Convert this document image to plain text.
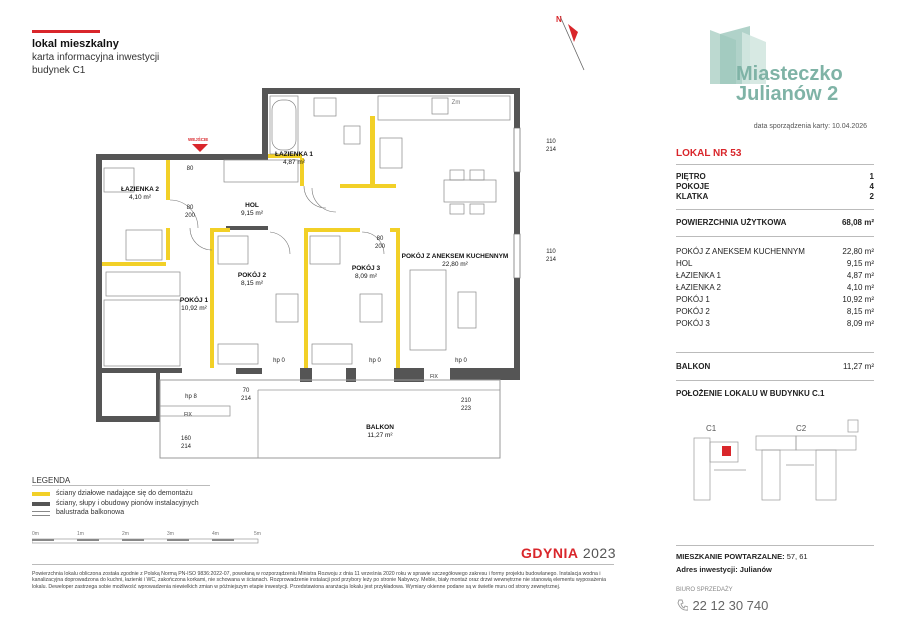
lokal mieszkalny
karta informacyjna inwestycji
budynek C1
N
Miasteczko
Julianów 2
data sporządzenia karty: 10.04.2026
WEJŚCIE
ŁAZIENKA 1
4,87 m²
ŁAZIENKA 2
4,10 m²
HOL
9,15 m²
POKÓJ 1
10,92 m²
POKÓJ 2
8,15 m²
POKÓJ 3
8,09 m²
POKÓJ Z ANEKSEM KUCHENNYM
22,80 m²
BALKON
11,27 m²
110
214
110
214
80
80
200
80
200
hp 0	hp 0	hp 0
hp 8
70
214	210
223
160
214
Zm
FIX
FIX
LEGENDA
ściany działowe nadające się do demontażu
ściany, słupy i obudowy pionów instalacyjnych
balustrada balkonowa
0m	1m	2m	3m	4m	5m
GDYNIA 2023
Powierzchnia lokalu obliczona została zgodnie z Polską Normą PN-ISO 9836:2022-07, powołaną w rozporządzeniu Ministra Rozwoju z dnia 11 września 2020 roku w sprawie szczegółowego zakresu i formy projektu budowlanego. Instalacja wodna i kanalizacyjna doprowadzona do kuchni, łazienki i WC, zakończona korkami, nie schowana w ścianach. Rozprowadzenie instalacji pod przybory leży po stronie Nabywcy. Meble, biały montaż oraz drzwi wewnętrzne nie stanowią elementu wyposażenia lokalu. Deweloper zastrzega sobie możliwość wprowadzenia niewielkich zmian w późniejszym etapie inwestycji. Przedstawiona aranżacja lokalu jest przykładowa. Wymiary okienne podane są w świetle muru od strony zewnętrznej.
LOKAL NR 53
PIĘTRO	1
POKOJE	4
KLATKA	2
POWIERZCHNIA UŻYTKOWA	68,08 m²
POKÓJ Z ANEKSEM KUCHENNYM	22,80 m²
HOL	9,15 m²
ŁAZIENKA 1	4,87 m²
ŁAZIENKA 2	4,10 m²
POKÓJ 1	10,92 m²
POKÓJ 2	8,15 m²
POKÓJ 3	8,09 m²
BALKON	11,27 m²
POŁOŻENIE LOKALU W BUDYNKU C.1
C1	C2
MIESZKANIE POWTARZALNE: 57, 61
Adres inwestycji: Julianów
BIURO SPRZEDAŻY
22 12 30 740
